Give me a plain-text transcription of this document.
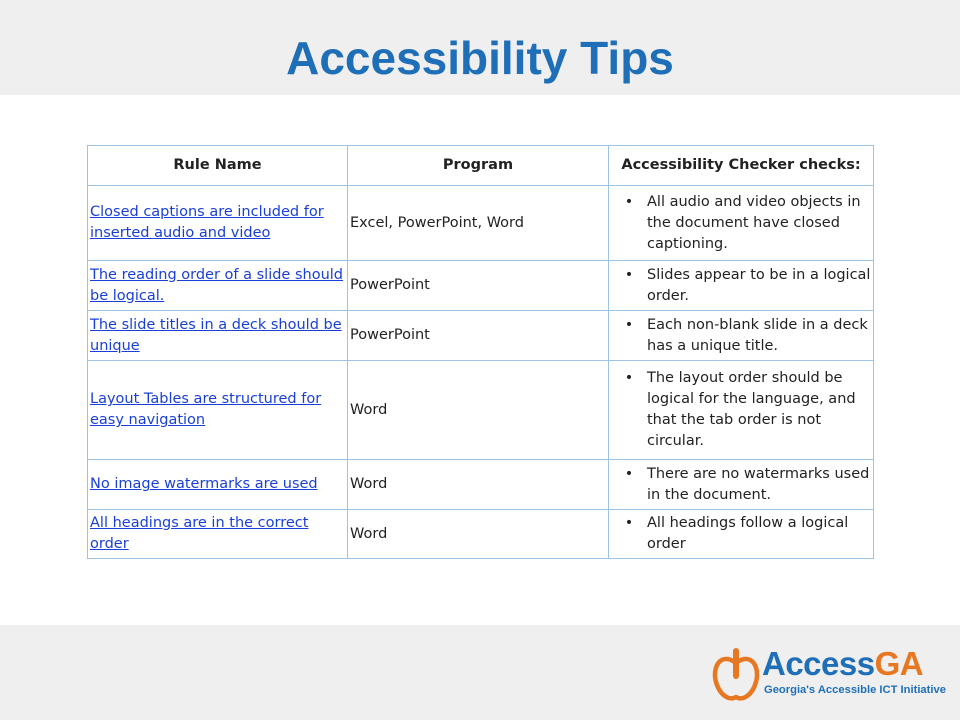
Accessibility Tips
Rule Name	Program	Accessibility Checker checks:
Closed captions are included for inserted audio and video	Excel, PowerPoint, Word	• All audio and video objects in the document have closed captioning.

The reading order of a slide should be logical.	PowerPoint	• Slides appear to be in a logical order.

The slide titles in a deck should be unique	PowerPoint	• Each non-blank slide in a deck has a unique title.

Layout Tables are structured for easy navigation	Word	• The layout order should be logical for the language, and that the tab order is not circular.

No image watermarks are used	Word	• There are no watermarks used in the document.

All headings are in the correct order	Word	• All headings follow a logical order
AccessGA
Georgia's Accessible ICT Initiative
